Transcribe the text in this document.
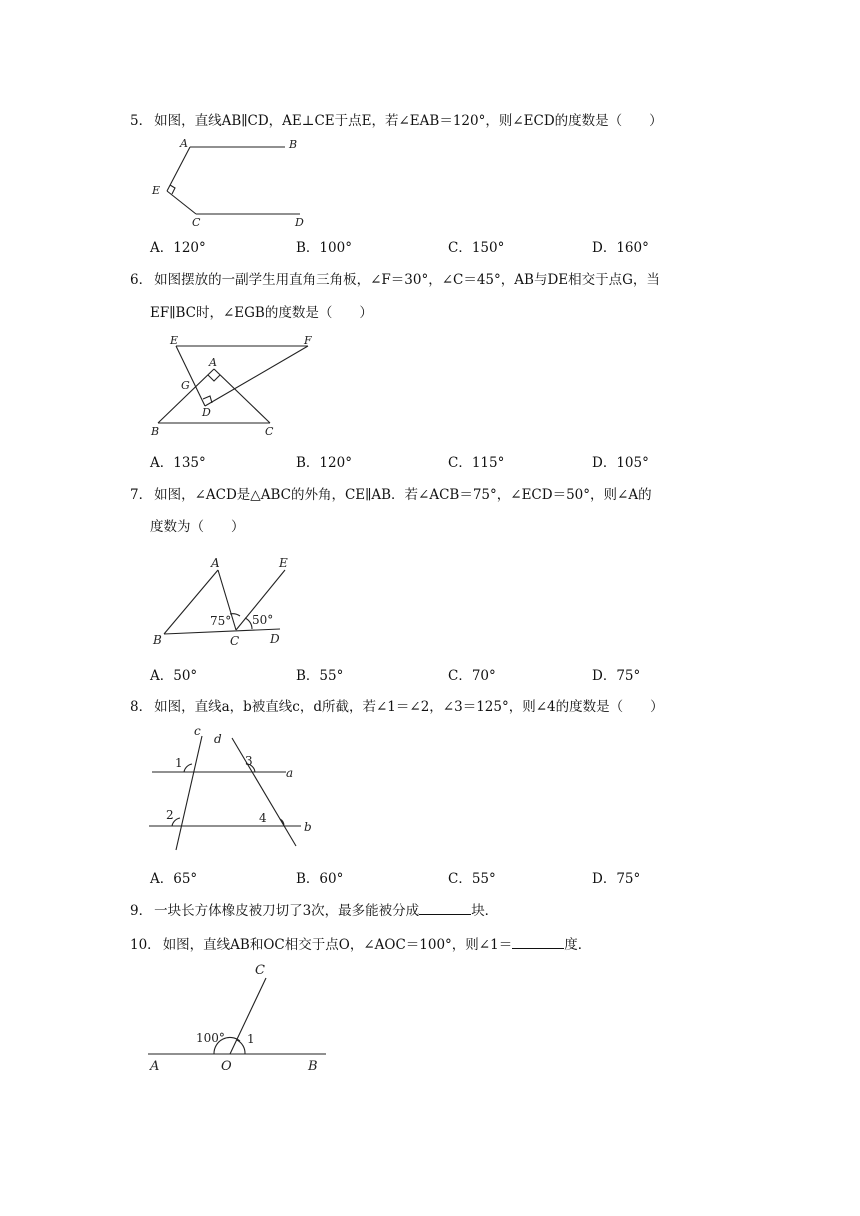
5． 如图，直线AB∥CD，AE⊥CE于点E，若∠EAB＝120°，则∠ECD的度数是（　　）
A	B
E
C	D
A．120°	B．100°	C．150°	D．160°
6． 如图摆放的一副学生用直角三角板，∠F＝30°，∠C＝45°，AB与DE相交于点G，当
EF∥BC时，∠EGB的度数是（　　）
E	F
A
G
D
B	C
A．135°	B．120°	C．115°	D．105°
7． 如图，∠ACD是△ABC的外角，CE∥AB．若∠ACB＝75°，∠ECD＝50°，则∠A的
度数为（　　）
A	E
75° 50°
B	C	D
A．50°	B．55°	C．70°	D．75°
8． 如图，直线a，b被直线c，d所截，若∠1＝∠2，∠3＝125°，则∠4的度数是（　　）
c
d
1	3
a
2	4
b
A．65°	B．60°	C．55°	D．75°
9． 一块长方体橡皮被刀切了3次，最多能被分成	块．
10． 如图，直线AB和OC相交于点O，∠AOC＝100°，则∠1＝	度．
C
100° 1
A	O	B
